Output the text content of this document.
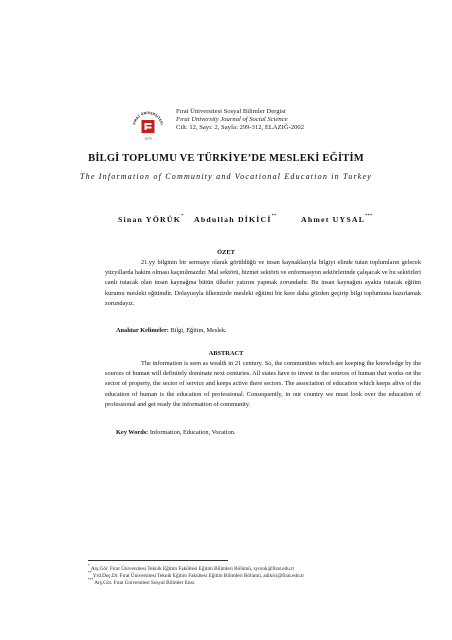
FIRAT ÜNİVERSİTESİ
1975
Fırat Üniversitesi Sosyal Bilimler Dergisi
Fırat University Journal of Social Science
Cilt: 12, Sayı: 2, Sayfa: 299-312, ELAZIĞ-2002
BİLGİ TOPLUMU VE TÜRKİYE’DE MESLEKİ EĞİTİM
The Information of Community and Vocational Education in Turkey
Sinan YÖRÜK* Abdullah DİKİCİ**	Ahmet UYSAL***
ÖZET
21.yy bilginin bir sermaye olarak görüldüğü ve insan kaynaklarıyla bilgiyi elinde tutan toplumların gelecek yüzyıllarda hakim olması kaçınılmazdır. Mal sektörü, hizmet sektörü ve enformasyon sektörlerinde çalışacak ve bu sektörleri canlı tutacak olan insan kaynağına bütün ülkeler yatırım yapmak zorundadır. Bu insan kaynağını ayakta tutacak eğitim kurumu mesleki eğitimdir. Dolayısıyla ülkemizde mesleki eğitimi bir kere daha gözden geçirip bilgi toplumuna hazırlamak zorundayız.
Anahtar Kelimeler: Bilgi, Eğitim, Meslek.
ABSTRACT
The information is seen as wealth in 21 century. So, the communities which are keeping the knowledge by the sources of human will definitely dominate next centuries. All states have to invest in the sources of human that works on the sector of property, the sector of service and keeps active there sectors. The association of education which keeps alive of the education of human is the education of professional. Consequently, in our country we must look over the education of professional and get ready the information of community.
Key Words: Information, Education, Vocation.
* Arş.Gör. Fırat Üniversitesi Teknik Eğitim Fakültesi Eğitim Bilimleri Bölümü, syoruk@firat.edu.tr
** Yrd.Doç.Dr. Fırat Üniversitesi Teknik Eğitim Fakültesi Eğitim Bilimleri Bölümü, adikici@firat.edu.tr
*** Arş.Gör. Fırat Üniversitesi Sosyal Bilimler Enst.
